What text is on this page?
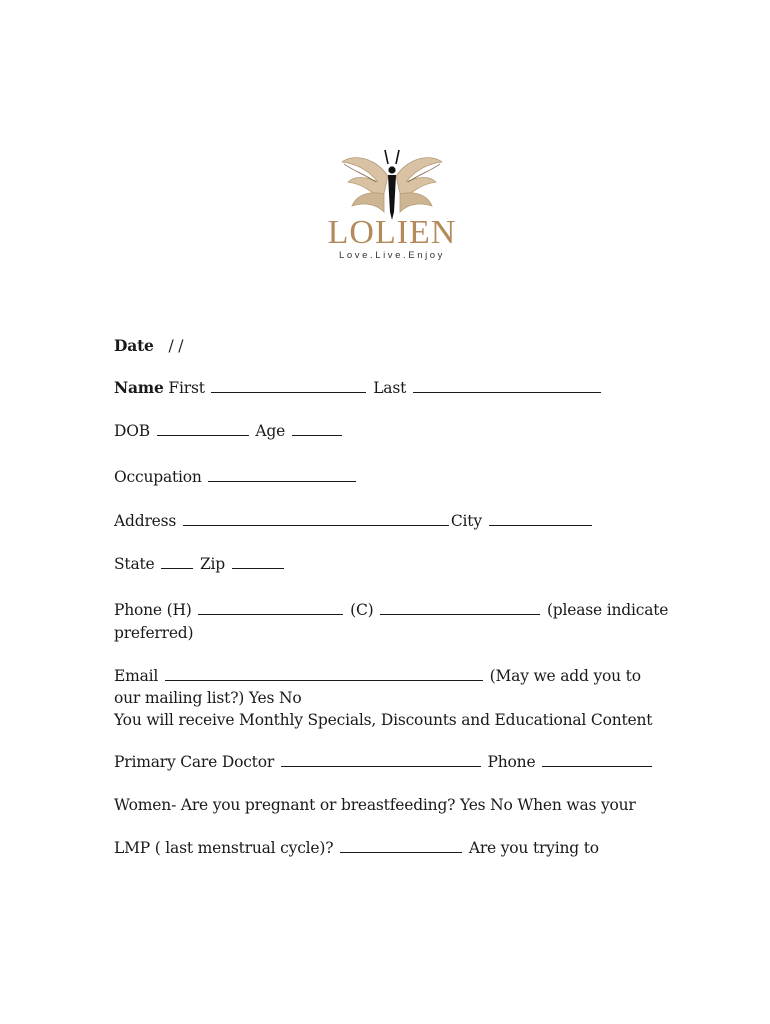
LOLIEN
Love.Live.Enjoy
Date / /
Name First	Last
DOB	Age
Occupation
Address	City
State	Zip
Phone (H)	(C)	(please indicate
preferred)
Email	(May we add you to
our mailing list?) Yes No
You will receive Monthly Specials, Discounts and Educational Content
Primary Care Doctor	Phone
Women- Are you pregnant or breastfeeding? Yes No When was your
LMP ( last menstrual cycle)?	Are you trying to
